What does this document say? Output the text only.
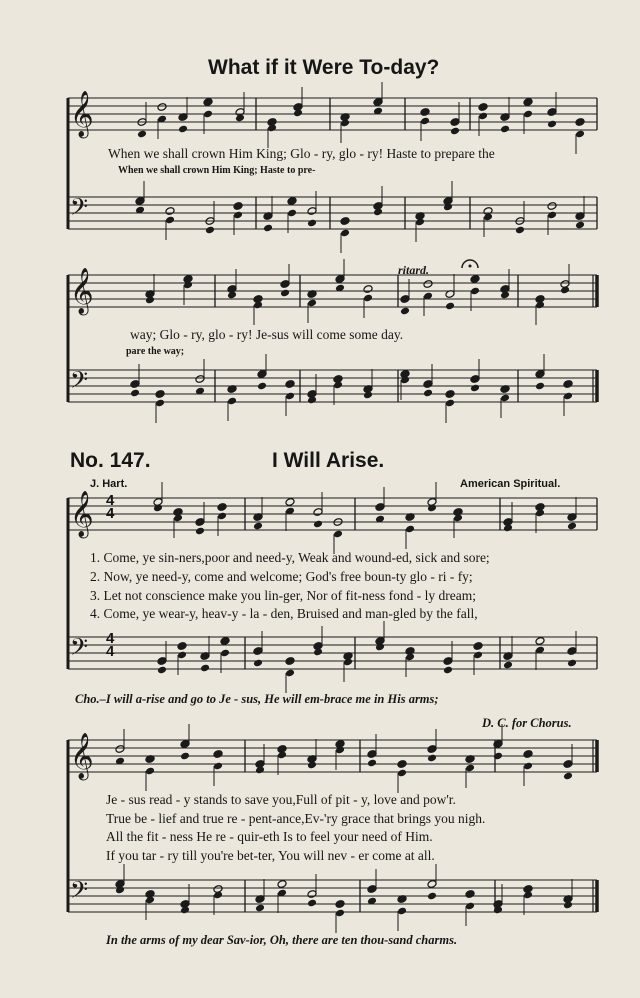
𝄞
𝄢
𝄞
𝄢
𝄞
𝄢
𝄞
𝄢
What if it Were To-day?
ritard.
When we shall crown Him King; Glo - ry, glo - ry! Haste to prepare the
When we shall crown Him King; Haste to pre-
way; Glo - ry, glo - ry! Je-sus will come some day.
pare the way;
No. 147.	I Will Arise.
J. Hart.	American Spiritual.
4
4
4
4
1. Come, ye sin-ners,poor and need-y, Weak and wound-ed, sick and sore;
2. Now, ye need-y, come and welcome; God's free boun-ty glo - ri - fy;
3. Let not conscience make you lin-ger, Nor of fit-ness fond - ly dream;
4. Come, ye wear-y, heav-y - la - den, Bruised and man-gled by the fall,
Cho.–I will a-rise and go to Je - sus, He will em-brace me in His arms;
D. C. for Chorus.
Je - sus read - y stands to save you,Full of pit - y, love and pow'r.
True be - lief and true re - pent-ance,Ev-'ry grace that brings you nigh.
All the fit - ness He re - quir-eth Is to feel your need of Him.
If you tar - ry till you're bet-ter, You will nev - er come at all.
In the arms of my dear Sav-ior, Oh, there are ten thou-sand charms.
